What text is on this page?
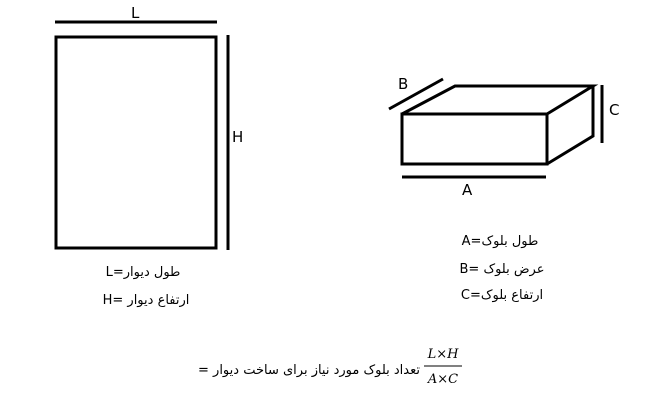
L
H
L=طول دیوار
H= ارتفاع دیوار
B
C
A
A=طول بلوک
B= عرض بلوک
C=ارتفاع بلوک
= تعداد بلوک مورد نیاز برای ساخت دیوار
L×H
A×C
